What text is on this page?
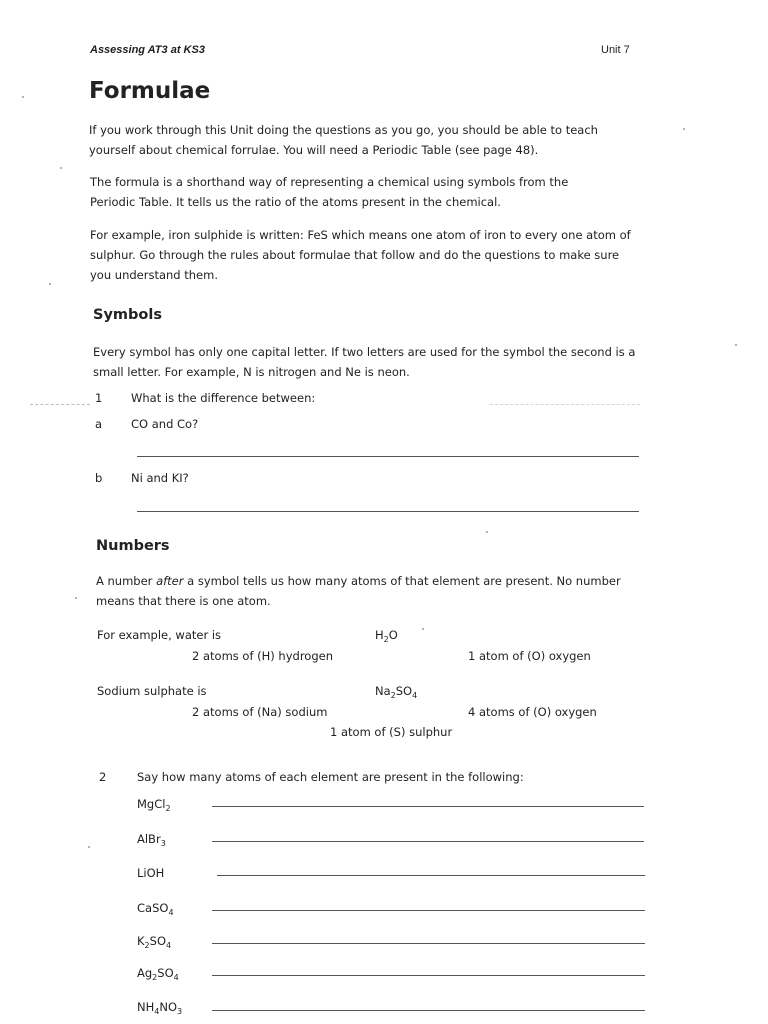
Assessing AT3 at KS3	Unit 7
Formulae
If you work through this Unit doing the questions as you go, you should be able to teach yourself about chemical forrulae. You will need a Periodic Table (see page 48).
The formula is a shorthand way of representing a chemical using symbols from the Periodic Table. It tells us the ratio of the atoms present in the chemical.
For example, iron sulphide is written: FeS which means one atom of iron to every one atom of sulphur. Go through the rules about formulae that follow and do the questions to make sure you understand them.
Symbols
Every symbol has only one capital letter. If two letters are used for the symbol the second is a small letter. For example, N is nitrogen and Ne is neon.
1 What is the difference between:
a	CO and Co?
b Ni and KI?
Numbers
A number after a symbol tells us how many atoms of that element are present. No number means that there is one atom.
For example, water is	$H_2O$
2 atoms of (H) hydrogen	1 atom of (O) oxygen
Sodium sulphate is	$Na_2SO_4$
2 atoms of (Na) sodium	4 atoms of (O) oxygen
1 atom of (S) sulphur
2	Say how many atoms of each element are present in the following:
MgCl$_2$
AlBr$_3$
LiOH
CaSO$_4$
$K_2SO_4$
$Ag_2SO_4$
$NH_4NO_3$
